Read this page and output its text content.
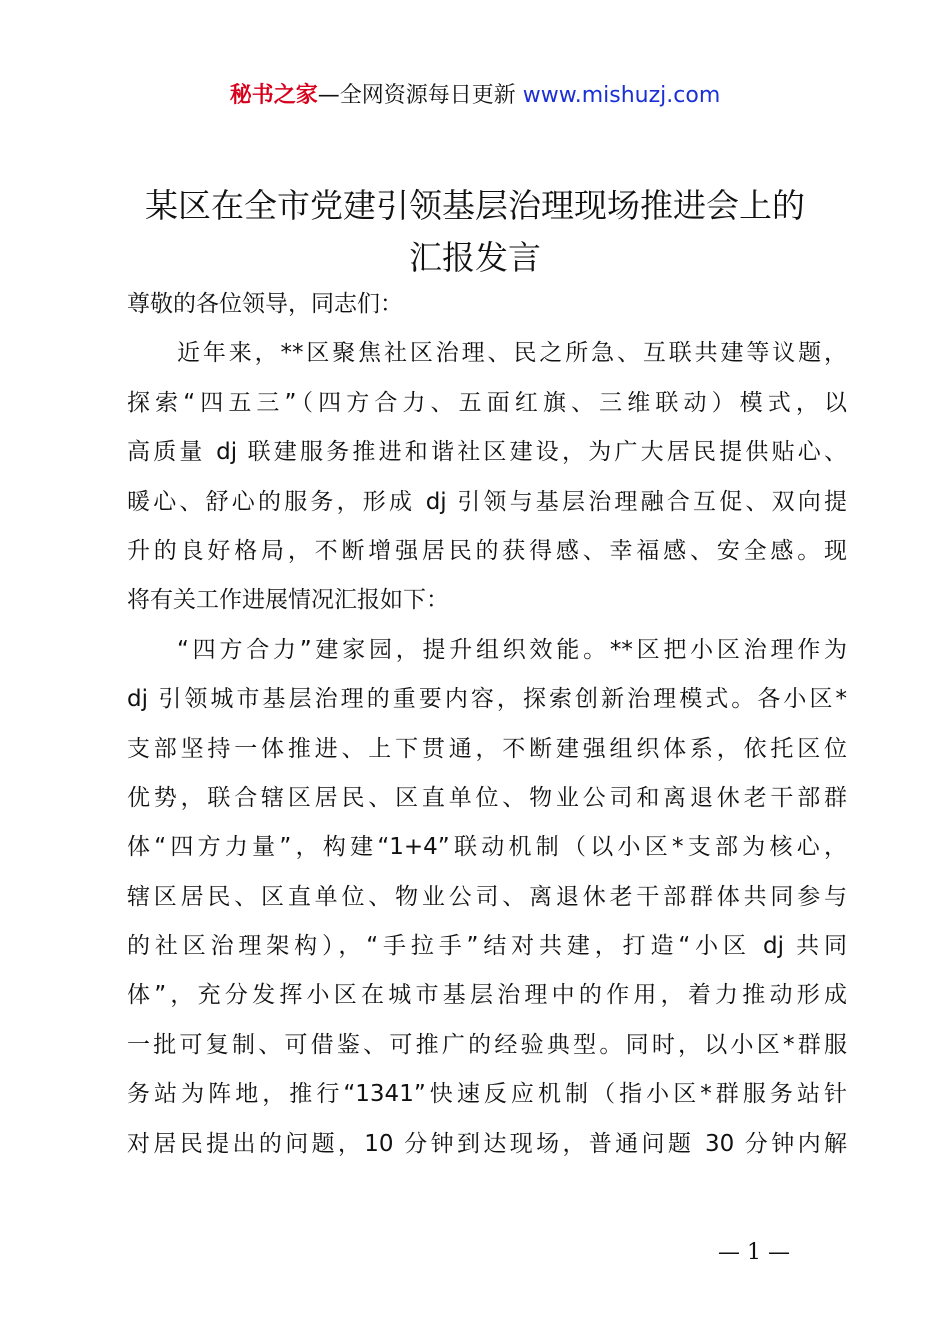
秘书之家—全网资源每日更新 www.mishuzj.com
某区在全市党建引领基层治理现场推进会上的
汇报发言
尊敬的各位领导，同志们：
近年来，**区聚焦社区治理、民之所急、互联共建等议题，
探索“四五三”（四方合力、五面红旗、三维联动）模式，以
高质量 dj 联建服务推进和谐社区建设，为广大居民提供贴心、
暖心、舒心的服务，形成 dj 引领与基层治理融合互促、双向提
升的良好格局，不断增强居民的获得感、幸福感、安全感。现
将有关工作进展情况汇报如下：
“四方合力”建家园，提升组织效能。**区把小区治理作为
dj 引领城市基层治理的重要内容，探索创新治理模式。各小区*
支部坚持一体推进、上下贯通，不断建强组织体系，依托区位
优势，联合辖区居民、区直单位、物业公司和离退休老干部群
体“四方力量”，构建“1+4”联动机制（以小区*支部为核心，
辖区居民、区直单位、物业公司、离退休老干部群体共同参与
的社区治理架构），“手拉手”结对共建，打造“小区 dj 共同
体”，充分发挥小区在城市基层治理中的作用，着力推动形成
一批可复制、可借鉴、可推广的经验典型。同时，以小区*群服
务站为阵地，推行“1341”快速反应机制（指小区*群服务站针
对居民提出的问题，10 分钟到达现场，普通问题 30 分钟内解
— 1 —
